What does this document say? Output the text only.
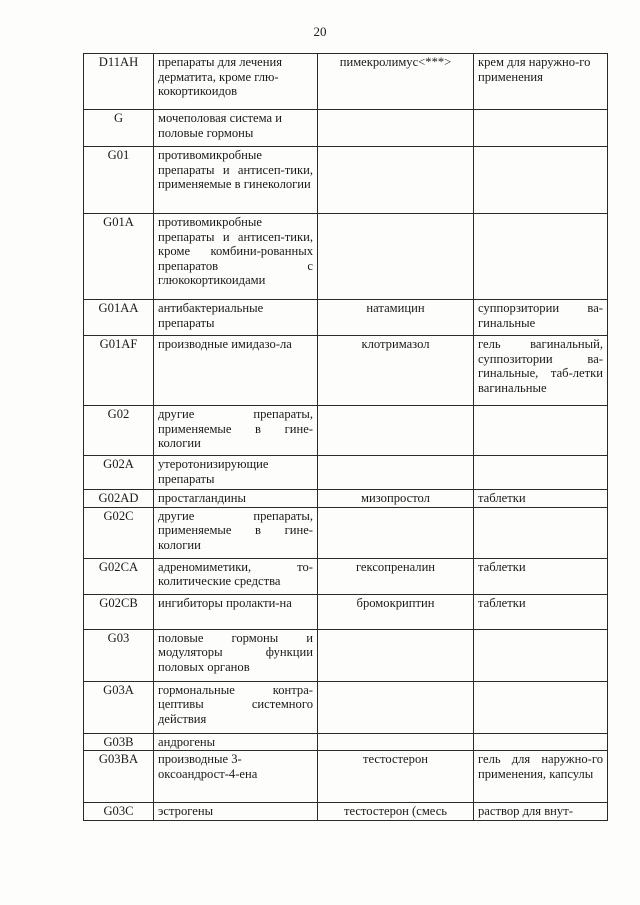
20
D11AH	препараты для лечения дерматита, кроме глю-кокортикоидов	пимекролимус<***>	крем для наружно-го применения
G	мочеполовая система и половые гормоны		
G01	противомикробные препараты и антисеп-тики, применяемые в гинекологии		
G01A	противомикробные препараты и антисеп-тики, кроме комбини-рованных препаратов с глюкокортикоидами		
G01AA	антибактериальные препараты	натамицин	суппорзитории ва-гинальные
G01AF	производные имидазо-ла	клотримазол	гель вагинальный, суппозитории ва-гинальные, таб-летки вагинальные
G02	другие препараты, применяемые в гине-кологии		
G02A	утеротонизирующие препараты		
G02AD	простагландины	мизопростол	таблетки
G02C	другие препараты, применяемые в гине-кологии		
G02CA	адреномиметики, то-колитические средства	гексопреналин	таблетки
G02CB	ингибиторы пролакти-на	бромокриптин	таблетки
G03	половые гормоны и модуляторы функции половых органов		
G03A	гормональные контра-цептивы системного действия		
G03B	андрогены		
G03BA	производные 3-оксоандрост-4-ена	тестостерон	гель для наружно-го применения, капсулы
G03C	эстрогены	тестостерон (смесь	раствор для внут-
